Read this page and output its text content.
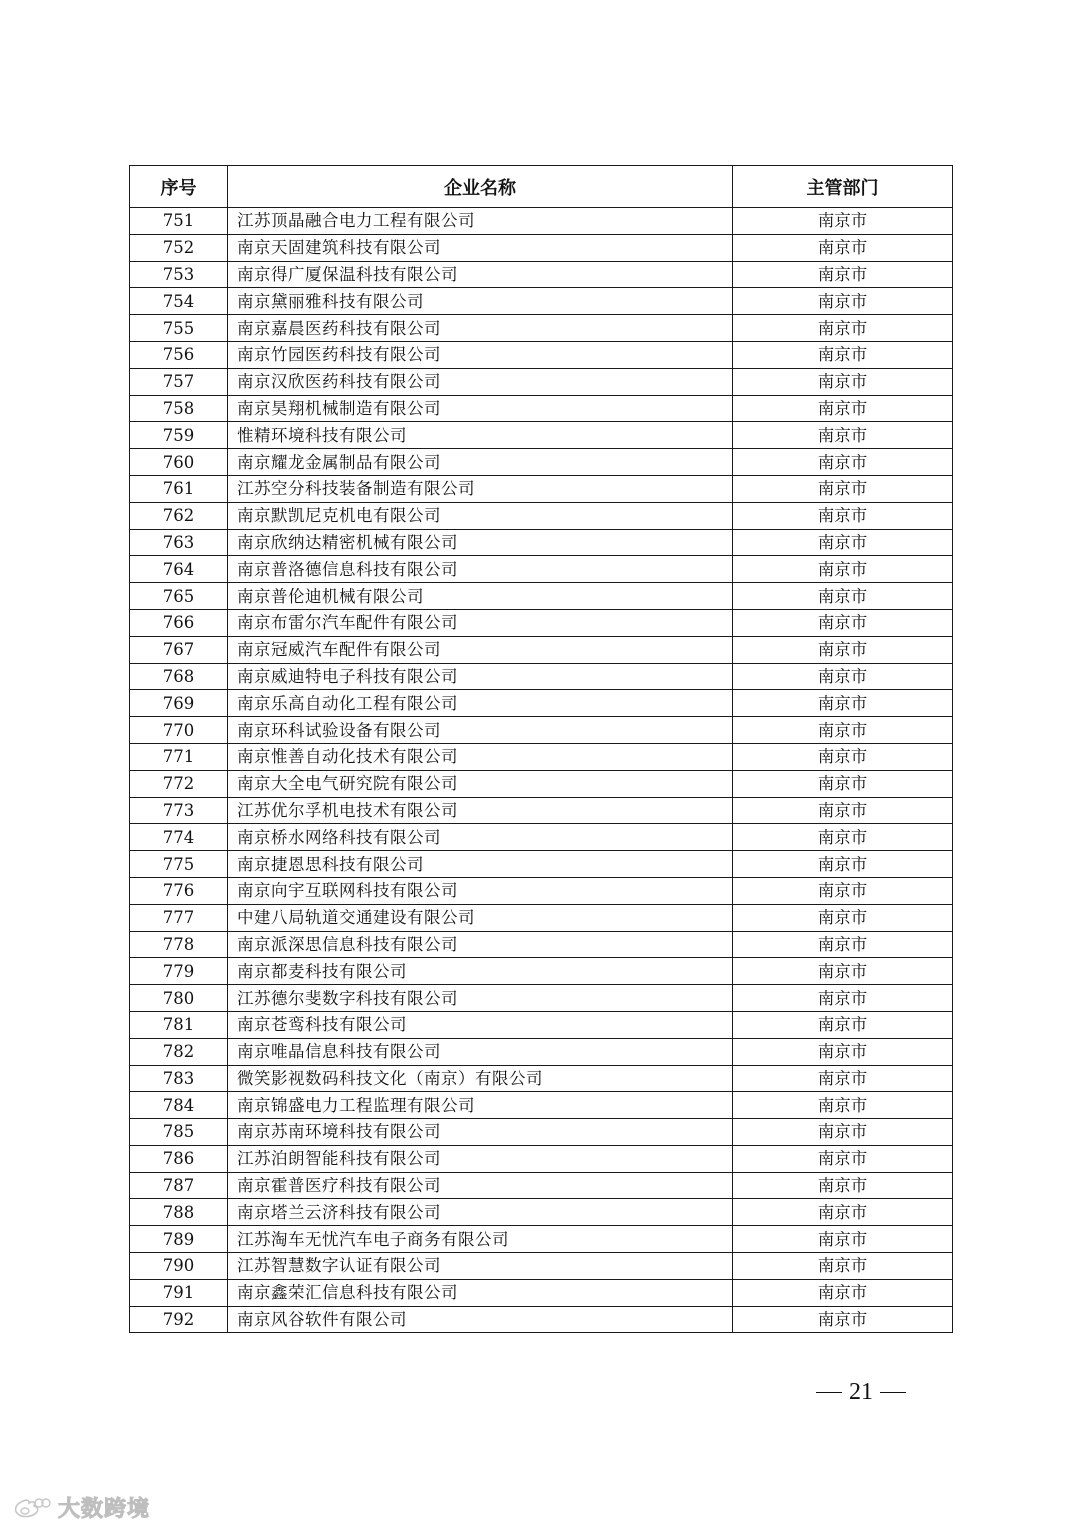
序号	企业名称	主管部门
751	江苏顶晶融合电力工程有限公司	南京市
752	南京天固建筑科技有限公司	南京市
753	南京得广厦保温科技有限公司	南京市
754	南京黛丽雅科技有限公司	南京市
755	南京嘉晨医药科技有限公司	南京市
756	南京竹园医药科技有限公司	南京市
757	南京汉欣医药科技有限公司	南京市
758	南京昊翔机械制造有限公司	南京市
759	惟精环境科技有限公司	南京市
760	南京耀龙金属制品有限公司	南京市
761	江苏空分科技装备制造有限公司	南京市
762	南京默凯尼克机电有限公司	南京市
763	南京欣纳达精密机械有限公司	南京市
764	南京普洛德信息科技有限公司	南京市
765	南京普伦迪机械有限公司	南京市
766	南京布雷尔汽车配件有限公司	南京市
767	南京冠威汽车配件有限公司	南京市
768	南京威迪特电子科技有限公司	南京市
769	南京乐高自动化工程有限公司	南京市
770	南京环科试验设备有限公司	南京市
771	南京惟善自动化技术有限公司	南京市
772	南京大全电气研究院有限公司	南京市
773	江苏优尔孚机电技术有限公司	南京市
774	南京桥水网络科技有限公司	南京市
775	南京捷恩思科技有限公司	南京市
776	南京向宇互联网科技有限公司	南京市
777	中建八局轨道交通建设有限公司	南京市
778	南京派深思信息科技有限公司	南京市
779	南京都麦科技有限公司	南京市
780	江苏德尔斐数字科技有限公司	南京市
781	南京苍鸾科技有限公司	南京市
782	南京唯晶信息科技有限公司	南京市
783	微笑影视数码科技文化（南京）有限公司	南京市
784	南京锦盛电力工程监理有限公司	南京市
785	南京苏南环境科技有限公司	南京市
786	江苏泊朗智能科技有限公司	南京市
787	南京霍普医疗科技有限公司	南京市
788	南京塔兰云济科技有限公司	南京市
789	江苏淘车无忧汽车电子商务有限公司	南京市
790	江苏智慧数字认证有限公司	南京市
791	南京鑫荣汇信息科技有限公司	南京市
792	南京风谷软件有限公司	南京市
21
大数跨境
